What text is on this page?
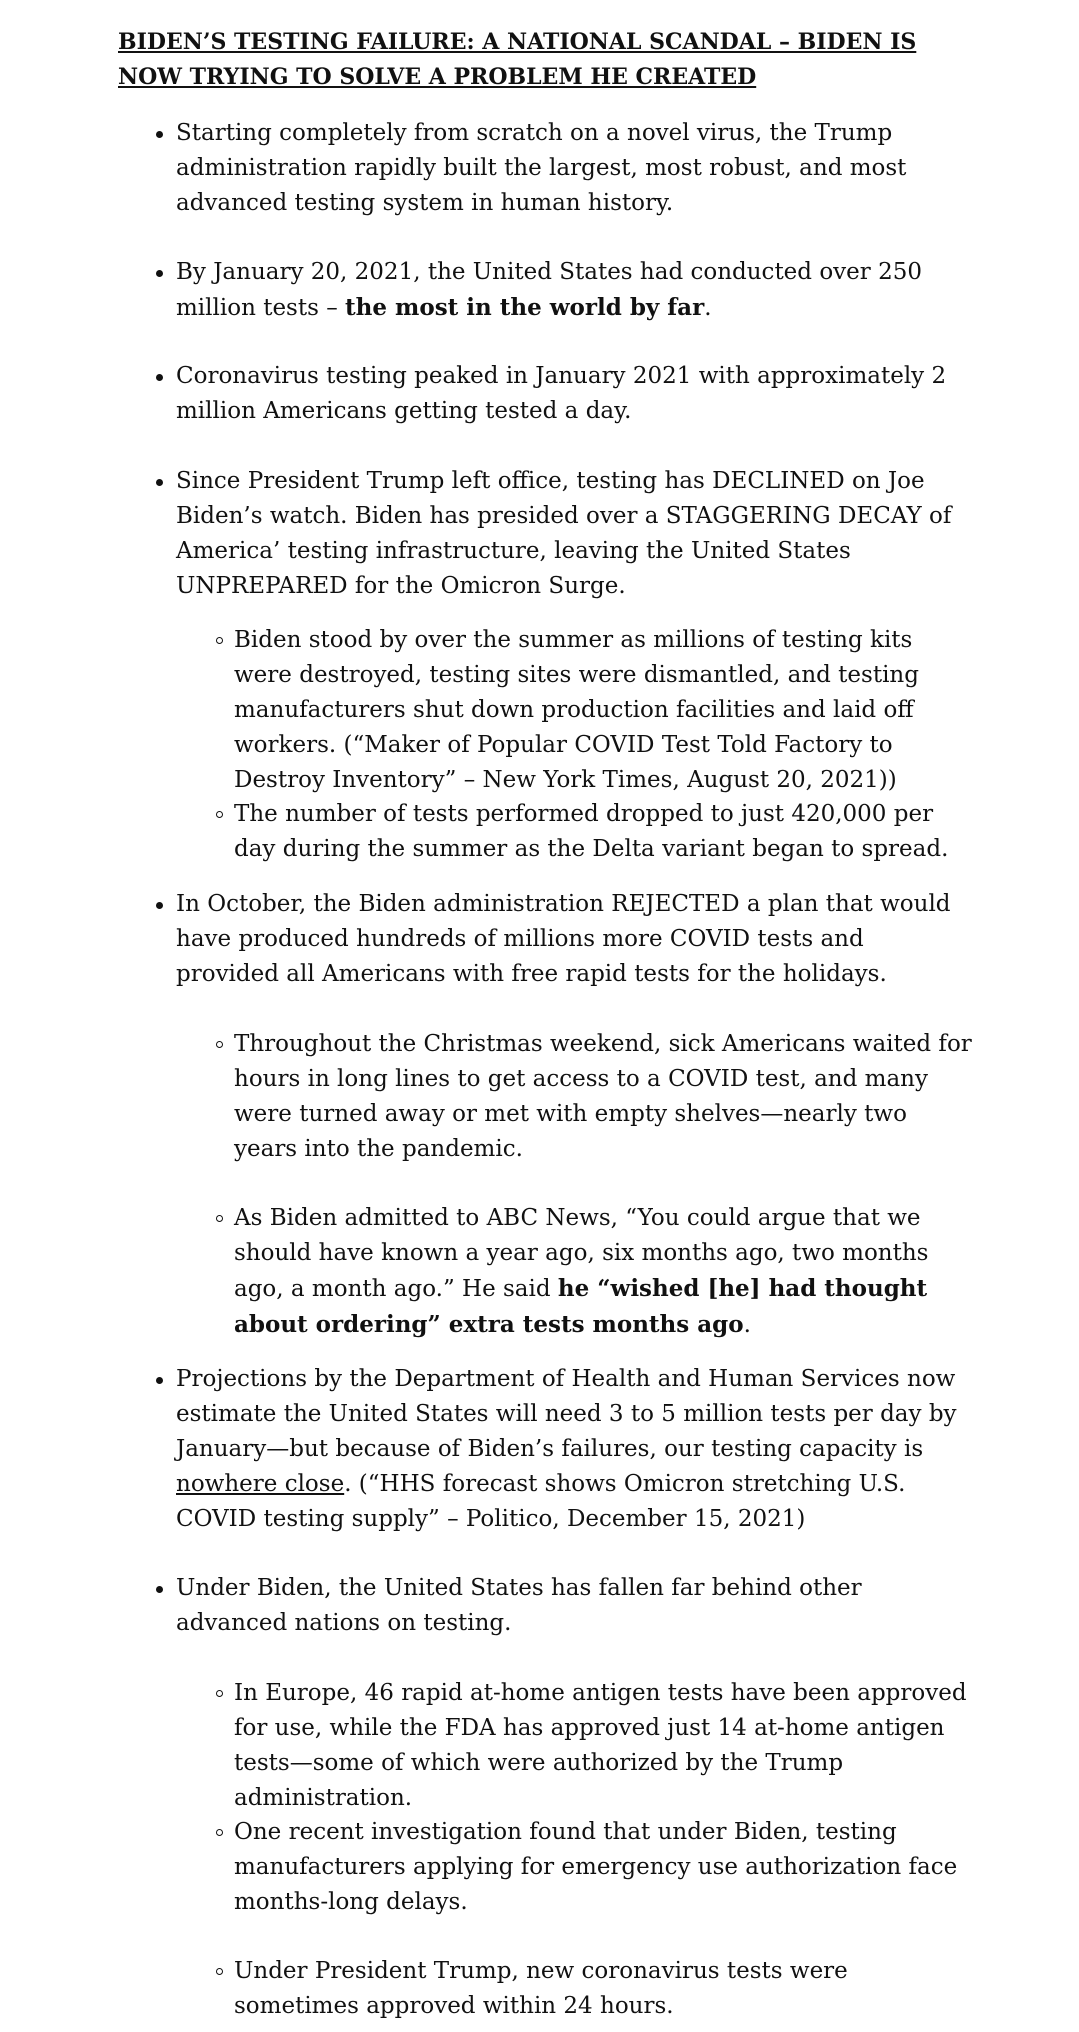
BIDEN’S TESTING FAILURE: A NATIONAL SCANDAL – BIDEN IS NOW TRYING TO SOLVE A PROBLEM HE CREATED
Starting completely from scratch on a novel virus, the Trump administration rapidly built the largest, most robust, and most advanced testing system in human history.
By January 20, 2021, the United States had conducted over 250 million tests – the most in the world by far.
Coronavirus testing peaked in January 2021 with approximately 2 million Americans getting tested a day.
Since President Trump left office, testing has DECLINED on Joe Biden’s watch. Biden has presided over a STAGGERING DECAY of America’ testing infrastructure, leaving the United States UNPREPARED for the Omicron Surge.
Biden stood by over the summer as millions of testing kits were destroyed, testing sites were dismantled, and testing manufacturers shut down production facilities and laid off workers. (“Maker of Popular COVID Test Told Factory to Destroy Inventory” – New York Times, August 20, 2021))
The number of tests performed dropped to just 420,000 per day during the summer as the Delta variant began to spread.
In October, the Biden administration REJECTED a plan that would have produced hundreds of millions more COVID tests and provided all Americans with free rapid tests for the holidays.
Throughout the Christmas weekend, sick Americans waited for hours in long lines to get access to a COVID test, and many were turned away or met with empty shelves—nearly two years into the pandemic.
As Biden admitted to ABC News, “You could argue that we should have known a year ago, six months ago, two months ago, a month ago.” He said he “wished [he] had thought about ordering” extra tests months ago.
Projections by the Department of Health and Human Services now estimate the United States will need 3 to 5 million tests per day by January—but because of Biden’s failures, our testing capacity is nowhere close. (“HHS forecast shows Omicron stretching U.S. COVID testing supply” – Politico, December 15, 2021)
Under Biden, the United States has fallen far behind other advanced nations on testing.
In Europe, 46 rapid at-home antigen tests have been approved for use, while the FDA has approved just 14 at-home antigen tests—some of which were authorized by the Trump administration.
One recent investigation found that under Biden, testing manufacturers applying for emergency use authorization face months-long delays.
Under President Trump, new coronavirus tests were sometimes approved within 24 hours.
